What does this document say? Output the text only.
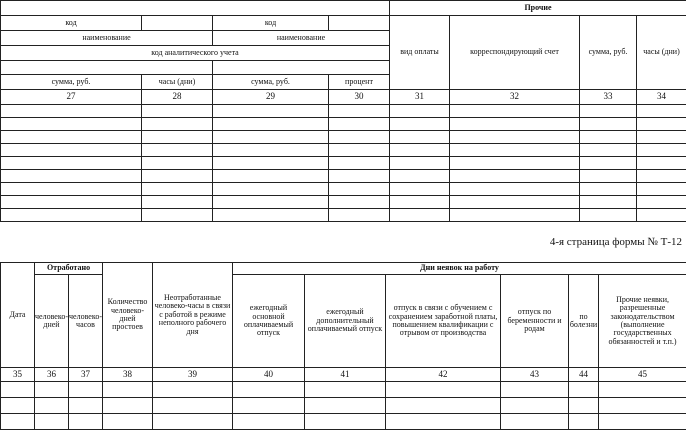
				Прочие			
код		код		вид оплаты	корреспондирующий счет	сумма, руб.	часы (дни)
наименование		наименование					
код аналитического учета							

сумма, руб.	часы (дни)	сумма, руб.	процент				
27	28	29	30	31	32	33	34

4-я страница формы № Т-12
Дата	Отработано		Количество человеко-дней простоев	Неотработанные человеко-часы в связи с работой в режиме неполного рабочего дня	Дни неявок на работу					
	человеко-дней	человеко-часов			ежегодный основной оплачиваемый отпуск	ежегодный дополнительный оплачиваемый отпуск	отпуск в связи с обучением с сохранением заработной платы, повышением квалификации с отрывом от производства	отпуск по беременности и родам	по болезни	Прочие неявки, разрешенные законодательством (выполнение государственных обязанностей и т.п.)
35	36	37	38	39	40	41	42	43	44	45
